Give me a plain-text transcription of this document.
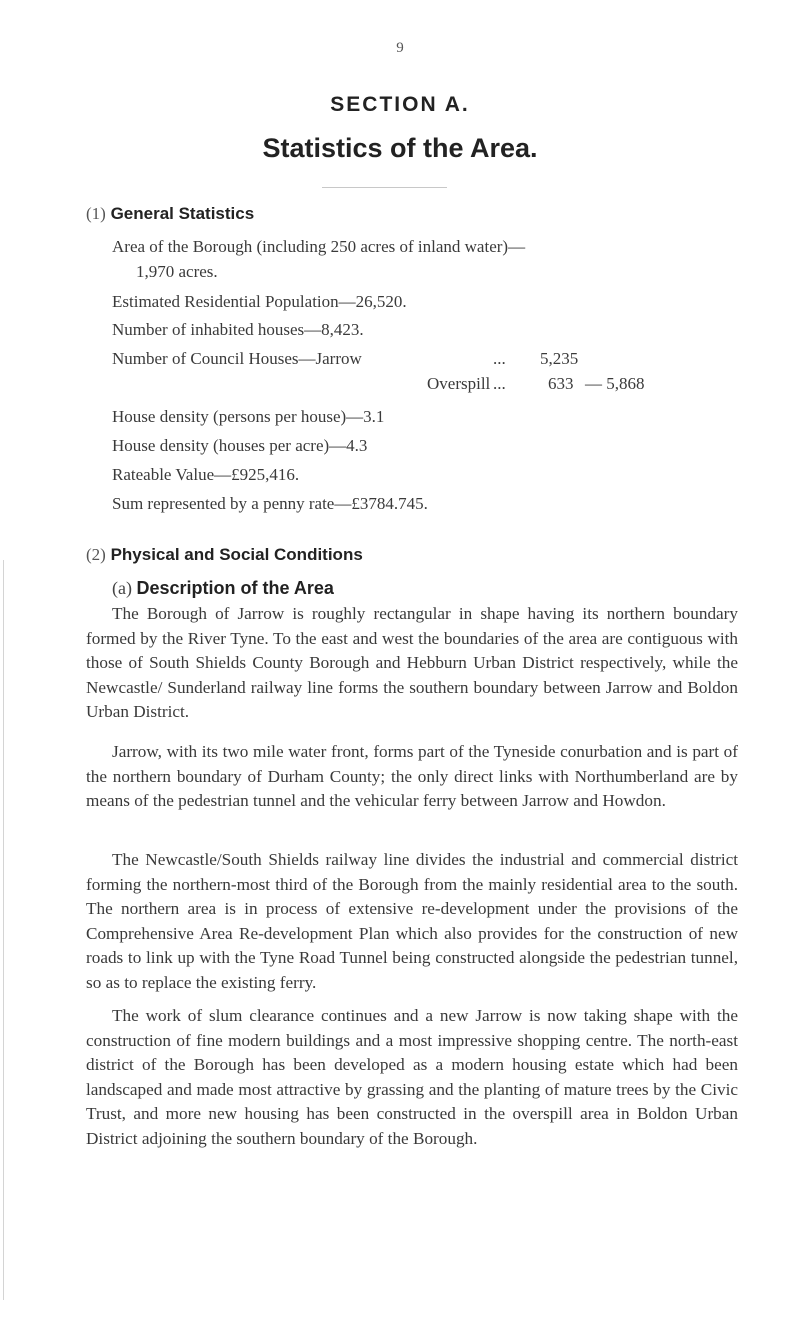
9
SECTION A.
Statistics of the Area.
(1) General Statistics
Area of the Borough (including 250 acres of inland water)—
1,970 acres.
Estimated Residential Population—26,520.
Number of inhabited houses—8,423.
Number of Council Houses—Jarrow	... 5,235
Overspill ... 633 — 5,868
House density (persons per house)—3.1
House density (houses per acre)—4.3
Rateable Value—£925,416.
Sum represented by a penny rate—£3784.745.
(2) Physical and Social Conditions
(a) Description of the Area

The Borough of Jarrow is roughly rectangular in shape having its northern boundary formed by the River Tyne. To the east and west the boundaries of the area are contiguous with those of South Shields County Borough and Hebburn Urban District respectively, while the Newcastle/ Sunderland railway line forms the southern boundary between Jarrow and Boldon Urban District.

Jarrow, with its two mile water front, forms part of the Tyneside conurbation and is part of the northern boundary of Durham County; the only direct links with Northumberland are by means of the pedestrian tunnel and the vehicular ferry between Jarrow and Howdon.

The Newcastle/South Shields railway line divides the industrial and commercial district forming the northern-most third of the Borough from the mainly residential area to the south. The northern area is in process of extensive re-development under the provisions of the Comprehensive Area Re-development Plan which also provides for the construction of new roads to link up with the Tyne Road Tunnel being constructed alongside the pedestrian tunnel, so as to replace the existing ferry.

The work of slum clearance continues and a new Jarrow is now taking shape with the construction of fine modern buildings and a most impressive shopping centre. The north-east district of the Borough has been developed as a modern housing estate which had been landscaped and made most attractive by grassing and the planting of mature trees by the Civic Trust, and more new housing has been constructed in the overspill area in Boldon Urban District adjoining the southern boundary of the Borough.
